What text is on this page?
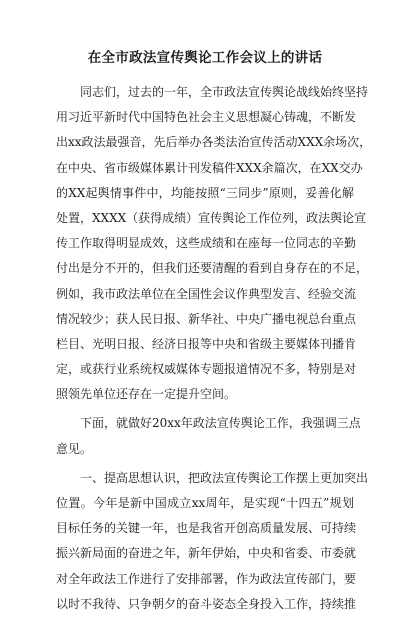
在全市政法宣传舆论工作会议上的讲话
　　同志们，过去的一年，全市政法宣传舆论战线始终坚持
用习近平新时代中国特色社会主义思想凝心铸魂，不断发
出xx政法最强音，先后举办各类法治宣传活动XXX余场次，
在中央、省市级媒体累计刊发稿件XXX余篇次，在XX交办
的XX起舆情事件中，均能按照“三同步”原则，妥善化解
处置，XXXX（获得成绩）宣传舆论工作位列，政法舆论宣
传工作取得明显成效，这些成绩和在座每一位同志的辛勤
付出是分不开的，但我们还要清醒的看到自身存在的不足，
例如，我市政法单位在全国性会议作典型发言、经验交流
情况较少；获人民日报、新华社、中央广播电视总台重点
栏目、光明日报、经济日报等中央和省级主要媒体刊播肯
定，或获行业系统权威媒体专题报道情况不多，特别是对
照领先单位还存在一定提升空间。
　　下面，就做好20xx年政法宣传舆论工作，我强调三点
意见。
　　一、提高思想认识，把政法宣传舆论工作摆上更加突出
位置。今年是新中国成立xx周年，是实现“十四五”规划
目标任务的关键一年，也是我省开创高质量发展、可持续
振兴新局面的奋进之年，新年伊始，中央和省委、市委就
对全年政法工作进行了安排部署，作为政法宣传部门，要
以时不我待、只争朝夕的奋斗姿态全身投入工作，持续推
